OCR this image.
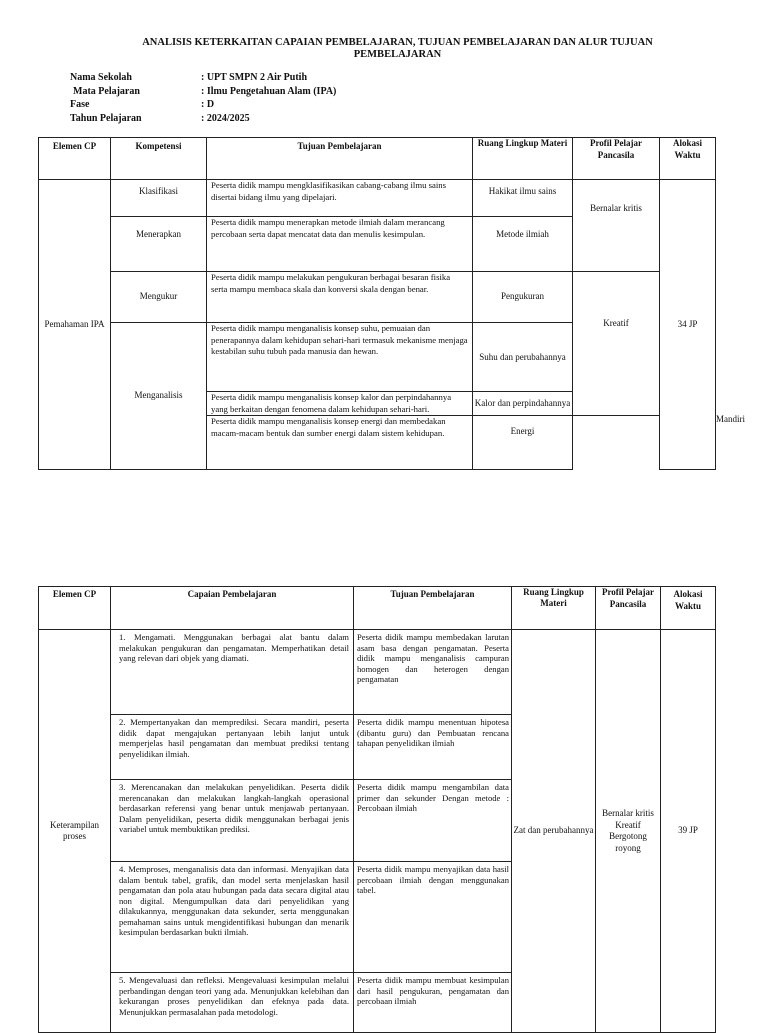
ANALISIS KETERKAITAN CAPAIAN PEMBELAJARAN, TUJUAN PEMBELAJARAN DAN ALUR TUJUAN PEMBELAJARAN
Nama Sekolah	: UPT SMPN 2 Air Putih
Mata Pelajaran	: Ilmu Pengetahuan Alam (IPA)
Fase	: D
Tahun Pelajaran	: 2024/2025
Elemen CP	Kompetensi	Tujuan Pembelajaran	Ruang Lingkup Materi	Profil Pelajar Pancasila	Alokasi Waktu	
Pemahaman IPA	Klasifikasi	Peserta didik mampu mengklasifikasikan cabang-cabang ilmu sains disertai bidang ilmu yang dipelajari.	Hakikat ilmu sains	Bernalar kritis	34 JP	
	Menerapkan	Peserta didik mampu menerapkan metode ilmiah dalam merancang percobaan serta dapat mencatat data dan menulis kesimpulan.	Metode ilmiah			
	Mengukur	Peserta didik mampu melakukan pengukuran berbagai besaran fisika serta mampu membaca skala dan konversi skala dengan benar.	Pengukuran	Kreatif		
	Menganalisis	Peserta didik mampu menganalisis konsep suhu, pemuaian dan penerapannya dalam kehidupan sehari-hari termasuk mekanisme menjaga kestabilan suhu tubuh pada manusia dan hewan.	Suhu dan perubahannya			
		Peserta didik mampu menganalisis konsep kalor dan perpindahannya yang berkaitan dengan fenomena dalam kehidupan sehari-hari.	Kalor dan perpindahannya			Mandiri
		Peserta didik mampu menganalisis konsep energi dan membedakan macam-macam bentuk dan sumber energi dalam sistem kehidupan.	Energi			
Elemen CP	Capaian Pembelajaran	Tujuan Pembelajaran	Ruang Lingkup Materi	Profil Pelajar Pancasila	Alokasi Waktu
Keterampilan proses	1. Mengamati. Menggunakan berbagai alat bantu dalam melakukan pengukuran dan pengamatan. Memperhatikan detail yang relevan dari objek yang diamati.	Peserta didik mampu membedakan larutan asam basa dengan pengamatan. Peserta didik mampu menganalisis campuran homogen dan heterogen dengan pengamatan	Zat dan perubahannya	Bernalar kritis Kreatif Bergotong royong	39 JP
	2. Mempertanyakan dan memprediksi. Secara mandiri, peserta didik dapat mengajukan pertanyaan lebih lanjut untuk memperjelas hasil pengamatan dan membuat prediksi tentang penyelidikan ilmiah.	Peserta didik mampu menentuan hipotesa (dibantu guru) dan Pembuatan rencana tahapan penyelidikan ilmiah			
	3. Merencanakan dan melakukan penyelidikan. Peserta didik merencanakan dan melakukan langkah-langkah operasional berdasarkan referensi yang benar untuk menjawab pertanyaan. Dalam penyelidikan, peserta didik menggunakan berbagai jenis variabel untuk membuktikan prediksi.	Peserta didik mampu mengambilan data primer dan sekunder Dengan metode : Percobaan ilmiah			
	4. Memproses, menganalisis data dan informasi. Menyajikan data dalam bentuk tabel, grafik, dan model serta menjelaskan hasil pengamatan dan pola atau hubungan pada data secara digital atau non digital. Mengumpulkan data dari penyelidikan yang dilakukannya, menggunakan data sekunder, serta menggunakan pemahaman sains untuk mengidentifikasi hubungan dan menarik kesimpulan berdasarkan bukti ilmiah.	Peserta didik mampu menyajikan data hasil percobaan ilmiah dengan menggunakan tabel.			
	5. Mengevaluasi dan refleksi. Mengevaluasi kesimpulan melalui perbandingan dengan teori yang ada. Menunjukkan kelebihan dan kekurangan proses penyelidikan dan efeknya pada data. Menunjukkan permasalahan pada metodologi.	Peserta didik mampu membuat kesimpulan dari hasil pengukuran, pengamatan dan percobaan ilmiah			
